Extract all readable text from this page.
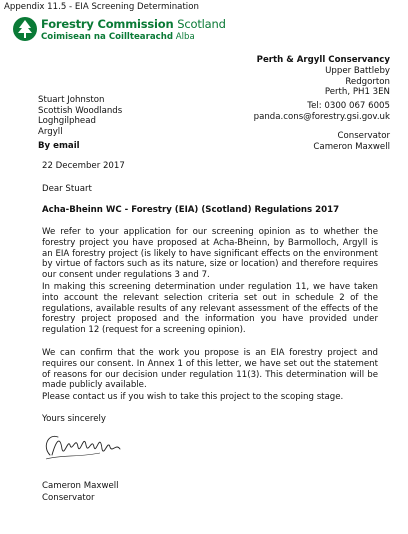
Appendix 11.5 - EIA Screening Determination
Forestry Commission Scotland
Coimisean na Coilltearachd Alba
Perth & Argyll Conservancy
Upper Battleby
Redgorton
Perth, PH1 3EN
Tel: 0300 067 6005
panda.cons@forestry.gsi.gov.uk
Conservator
Cameron Maxwell
Stuart Johnston
Scottish Woodlands
Loghgilphead
Argyll
By email
22 December 2017
Dear Stuart
Acha-Bheinn WC - Forestry (EIA) (Scotland) Regulations 2017
We refer to your application for our screening opinion as to whether the forestry project you have proposed at Acha-Bheinn, by Barmolloch, Argyll is an EIA forestry project (is likely to have significant effects on the environment by virtue of factors such as its nature, size or location) and therefore requires our consent under regulations 3 and 7.
In making this screening determination under regulation 11, we have taken into account the relevant selection criteria set out in schedule 2 of the regulations, available results of any relevant assessment of the effects of the forestry project proposed and the information you have provided under regulation 12 (request for a screening opinion).
We can confirm that the work you propose is an EIA forestry project and requires our consent. In Annex 1 of this letter, we have set out the statement of reasons for our decision under regulation 11(3). This determination will be made publicly available.
Please contact us if you wish to take this project to the scoping stage.
Yours sincerely
Cameron Maxwell
Conservator
